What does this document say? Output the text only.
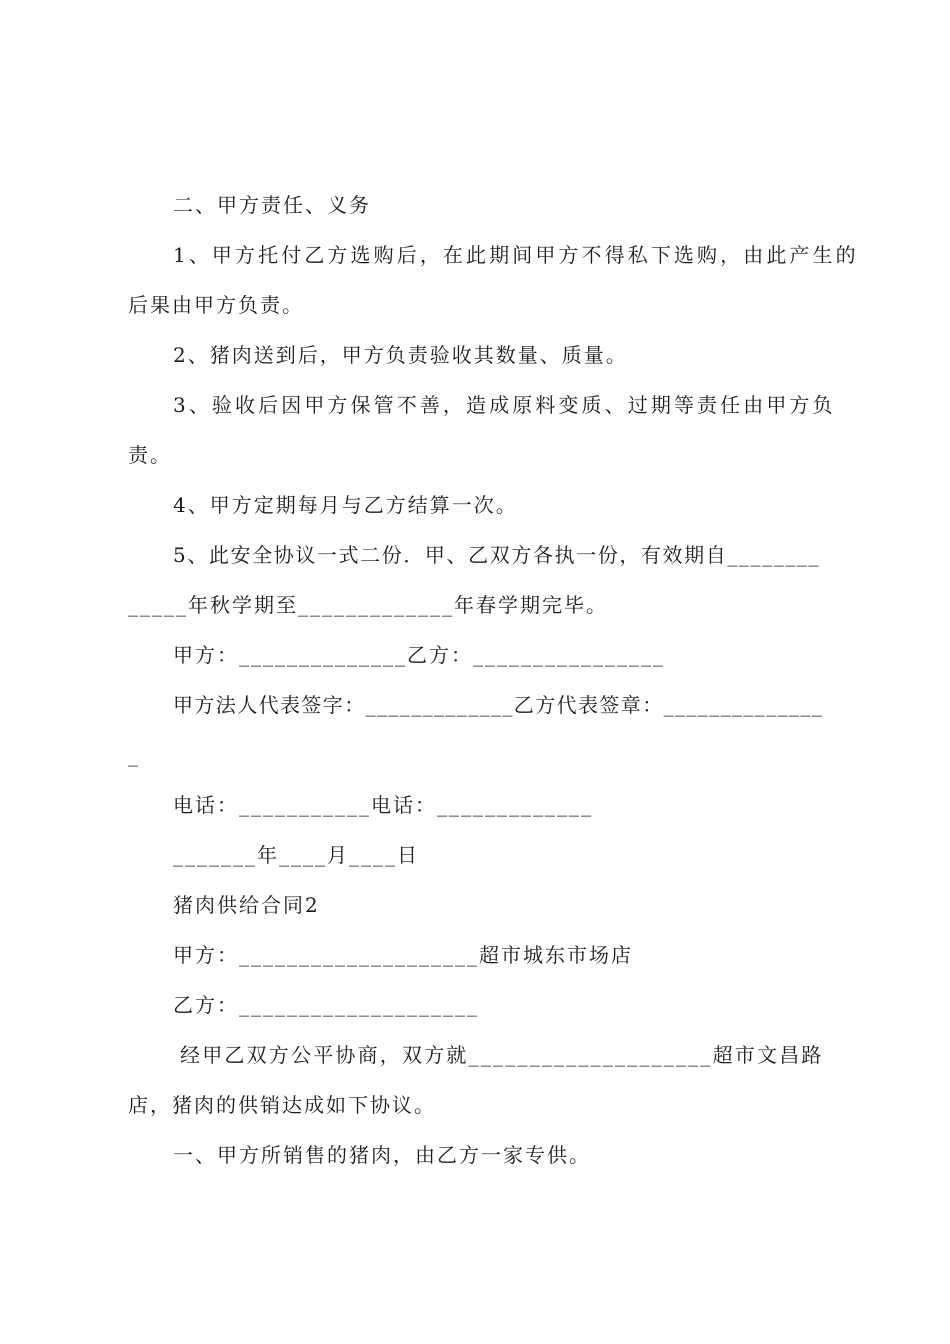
二、甲方责任、义务
1、甲方托付乙方选购后，在此期间甲方不得私下选购，由此产生的
后果由甲方负责。
2、猪肉送到后，甲方负责验收其数量、质量。
3、验收后因甲方保管不善，造成原料变质、过期等责任由甲方负
责。
4、甲方定期每月与乙方结算一次。
5、此安全协议一式二份．甲、乙双方各执一份，有效期自________
_____年秋学期至_____________年春学期完毕。
甲方：______________乙方：________________
甲方法人代表签字：_____________乙方代表签章：______________
_
电话：___________电话：_____________
_______年____月____日
猪肉供给合同2
甲方：____________________超市城东市场店
乙方：____________________
经甲乙双方公平协商，双方就____________________超市文昌路
店，猪肉的供销达成如下协议。
一、甲方所销售的猪肉，由乙方一家专供。
